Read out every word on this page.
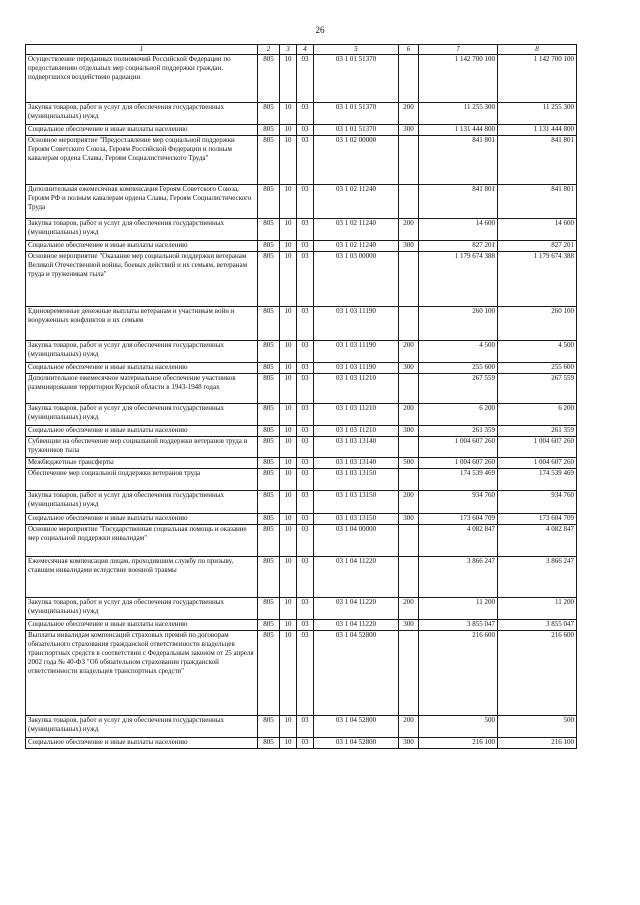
26
1	2	3	4	5	6	7	8
Осуществление переданных полномочий Российской Федерации по предоставлению отдельных мер социальной поддержки граждан, подвергшихся воздействию радиации	805	10	03	03 1 01 51370		1 142 700 100	1 142 700 100
Закупка товаров, работ и услуг для обеспечения государственных (муниципальных) нужд	805	10	03	03 1 01 51370	200	11 255 300	11 255 300
Социальное обеспечение и иные выплаты населению	805	10	03	03 1 01 51370	300	1 131 444 800	1 131 444 800
Основное мероприятие "Предоставление мер социальной поддержки Героям Советского Союза, Героям Российской Федерации и полным кавалерам ордена Славы, Героям Социалистического Труда"	805	10	03	03 1 02 00000		841 801	841 801
Дополнительная ежемесячная компенсация Героям Советского Союза, Героям РФ и полным кавалерам ордена Славы, Героям Социалистического Труда	805	10	03	03 1 02 11240		841 801	841 801
Закупка товаров, работ и услуг для обеспечения государственных (муниципальных) нужд	805	10	03	03 1 02 11240	200	14 600	14 600
Социальное обеспечение и иные выплаты населению	805	10	03	03 1 02 11240	300	827 201	827 201
Основное мероприятие "Оказание мер социальной поддержки ветеранам Великой Отечественной войны, боевых действий и их семьям, ветеранам труда и труженикам тыла"	805	10	03	03 1 03 00000		1 179 674 388	1 179 674 388
Единовременные денежные выплаты ветеранам и участникам войн и вооруженных конфликтов и их семьям	805	10	03	03 1 03 11190		260 100	260 100
Закупка товаров, работ и услуг для обеспечения государственных (муниципальных) нужд	805	10	03	03 1 03 11190	200	4 500	4 500
Социальное обеспечение и иные выплаты населению	805	10	03	03 1 03 11190	300	255 600	255 600
Дополнительное ежемесячное материальное обеспечение участников разминирования территории Курской области в 1943-1948 годах	805	10	03	03 1 03 11210		267 559	267 559
Закупка товаров, работ и услуг для обеспечения государственных (муниципальных) нужд	805	10	03	03 1 03 11210	200	6 200	6 200
Социальное обеспечение и иные выплаты населению	805	10	03	03 1 03 11210	300	261 359	261 359
Субвенции на обеспечение мер социальной поддержки ветеранов труда и тружеников тыла	805	10	03	03 1 03 13140		1 004 607 260	1 004 607 260
Межбюджетные трансферты	805	10	03	03 1 03 13140	500	1 004 607 260	1 004 607 260
Обеспечение мер социальной поддержки ветеранов труда	805	10	03	03 1 03 13150		174 539 469	174 539 469
Закупка товаров, работ и услуг для обеспечения государственных (муниципальных) нужд	805	10	03	03 1 03 13150	200	934 760	934 760
Социальное обеспечение и иные выплаты населению	805	10	03	03 1 03 13150	300	173 604 709	173 604 709
Основное мероприятие "Государственная социальная помощь и оказание мер социальной поддержки инвалидам"	805	10	03	03 1 04 00000		4 082 847	4 082 847
Ежемесячная компенсация лицам, проходившим службу по призыву, ставшим инвалидами вследствие военной травмы	805	10	03	03 1 04 11220		3 866 247	3 866 247
Закупка товаров, работ и услуг для обеспечения государственных (муниципальных) нужд	805	10	03	03 1 04 11220	200	11 200	11 200
Социальное обеспечение и иные выплаты населению	805	10	03	03 1 04 11220	300	3 855 047	3 855 047
Выплаты инвалидам компенсаций страховых премий по договорам обязательного страхования гражданской ответственности владельцев транспортных средств в соответствии с Федеральным законом от 25 апреля 2002 года № 40-ФЗ "Об обязательном страховании гражданской ответственности владельцев транспортных средств"	805	10	03	03 1 04 52800		216 600	216 600
Закупка товаров, работ и услуг для обеспечения государственных (муниципальных) нужд	805	10	03	03 1 04 52800	200	500	500
Социальное обеспечение и иные выплаты населению	805	10	03	03 1 04 52800	300	216 100	216 100
